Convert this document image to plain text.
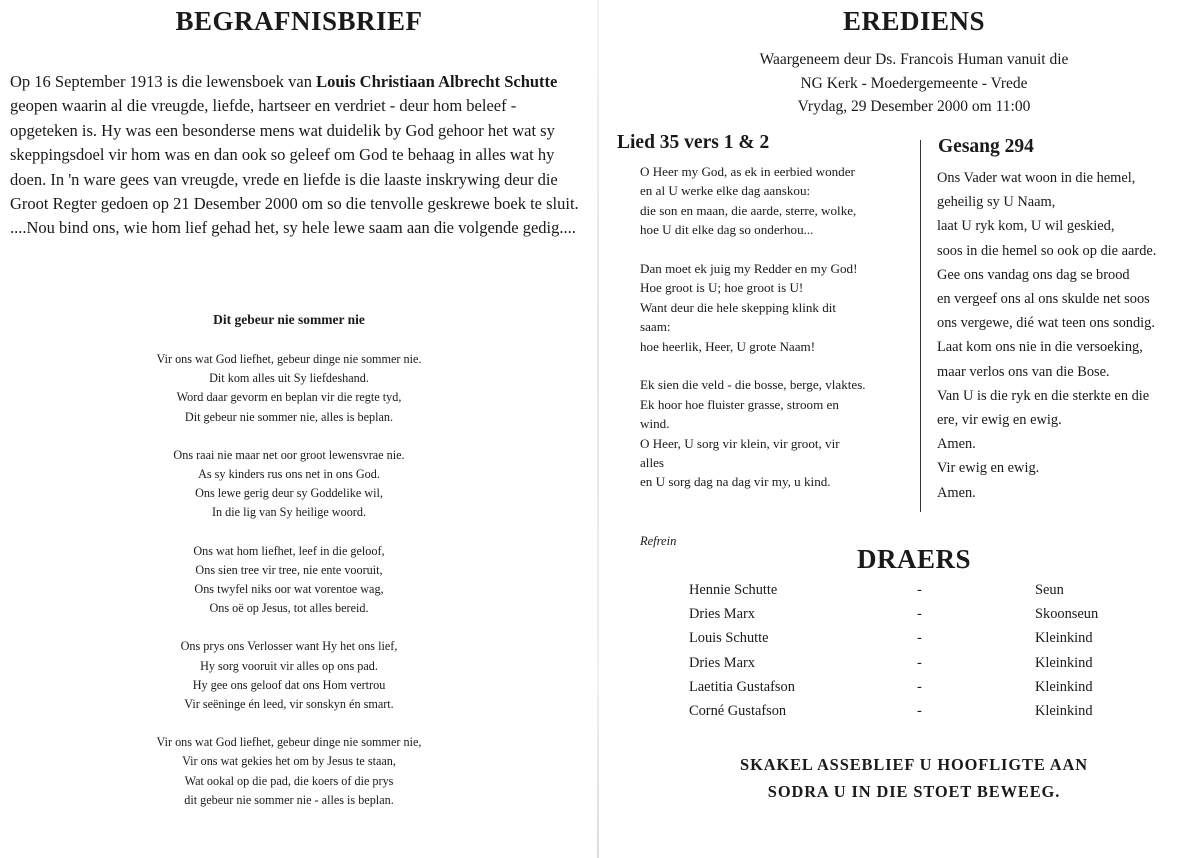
BEGRAFNISBRIEF

Op 16 September 1913 is die lewensboek van Louis Christiaan Albrecht Schutte geopen waarin al die vreugde, liefde, hartseer en verdriet - deur hom beleef - opgeteken is. Hy was een besonderse mens wat duidelik by God gehoor het wat sy skeppingsdoel vir hom was en dan ook so geleef om God te behaag in alles wat hy doen. In 'n ware gees van vreugde, vrede en liefde is die laaste inskrywing deur die Groot Regter gedoen op 21 Desember 2000 om so die tenvolle geskrewe boek te sluit.

....Nou bind ons, wie hom lief gehad het, sy hele lewe saam aan die volgende gedig....

Dit gebeur nie sommer nie
Vir ons wat God liefhet, gebeur dinge nie sommer nie.
Dit kom alles uit Sy liefdeshand.
Word daar gevorm en beplan vir die regte tyd,
Dit gebeur nie sommer nie, alles is beplan.
Ons raai nie maar net oor groot lewensvrae nie.
As sy kinders rus ons net in ons God.
Ons lewe gerig deur sy Goddelike wil,
In die lig van Sy heilige woord.
Ons wat hom liefhet, leef in die geloof,
Ons sien tree vir tree, nie ente vooruit,
Ons twyfel niks oor wat vorentoe wag,
Ons oë op Jesus, tot alles bereid.
Ons prys ons Verlosser want Hy het ons lief,
Hy sorg vooruit vir alles op ons pad.
Hy gee ons geloof dat ons Hom vertrou
Vir seëninge én leed, vir sonskyn én smart.
Vir ons wat God liefhet, gebeur dinge nie sommer nie,
Vir ons wat gekies het om by Jesus te staan,
Wat ookal op die pad, die koers of die prys
dit gebeur nie sommer nie - alles is beplan.
EREDIENS
Waargeneem deur Ds. Francois Human vanuit die
NG Kerk - Moedergemeente - Vrede
Vrydag, 29 Desember 2000 om 11:00
Lied 35 vers 1 & 2	Gesang 294
O Heer my God, as ek in eerbied wonder
en al U werke elke dag aanskou:
die son en maan, die aarde, sterre, wolke,
hoe U dit elke dag so onderhou...
Dan moet ek juig my Redder en my God!
Hoe groot is U; hoe groot is U!
Want deur die hele skepping klink dit
saam:
hoe heerlik, Heer, U grote Naam!
Ek sien die veld - die bosse, berge, vlaktes.
Ek hoor hoe fluister grasse, stroom en
wind.
O Heer, U sorg vir klein, vir groot, vir
alles
en U sorg dag na dag vir my, u kind.
Ons Vader wat woon in die hemel,
geheilig sy U Naam,
laat U ryk kom, U wil geskied,
soos in die hemel so ook op die aarde.
Gee ons vandag ons dag se brood
en vergeef ons al ons skulde net soos
ons vergewe, dié wat teen ons sondig.
Laat kom ons nie in die versoeking,
maar verlos ons van die Bose.
Van U is die ryk en die sterkte en die
ere, vir ewig en ewig.
Amen.
Vir ewig en ewig.
Amen.
Refrein
DRAERS
Hennie Schutte	-	Seun
Dries Marx	-	Skoonseun
Louis Schutte	-	Kleinkind
Dries Marx	-	Kleinkind
Laetitia Gustafson	-	Kleinkind
Corné Gustafson	-	Kleinkind
SKAKEL ASSEBLIEF U HOOFLIGTE AAN
SODRA U IN DIE STOET BEWEEG.
